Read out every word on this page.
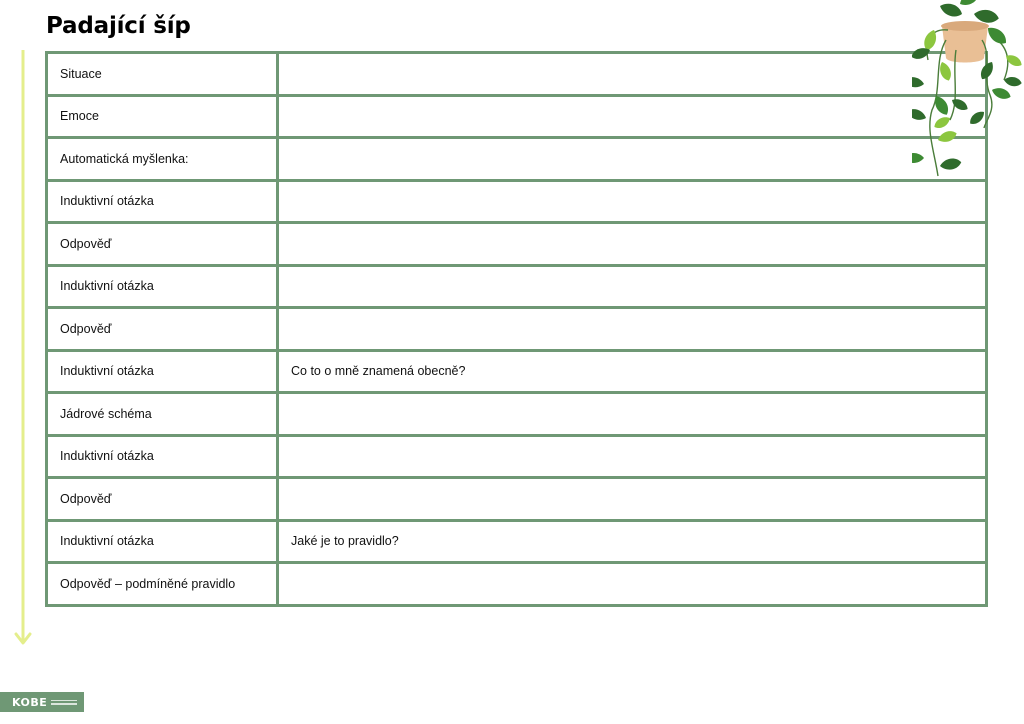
Padající šíp
Situace	
Emoce	
Automatická myšlenka:	
Induktivní otázka	
Odpověď	
Induktivní otázka	
Odpověď	
Induktivní otázka	Co to o mně znamená obecně?
Jádrové schéma	
Induktivní otázka	
Odpověď	
Induktivní otázka	Jaké je to pravidlo?
Odpověď – podmíněné pravidlo	
KOBE
